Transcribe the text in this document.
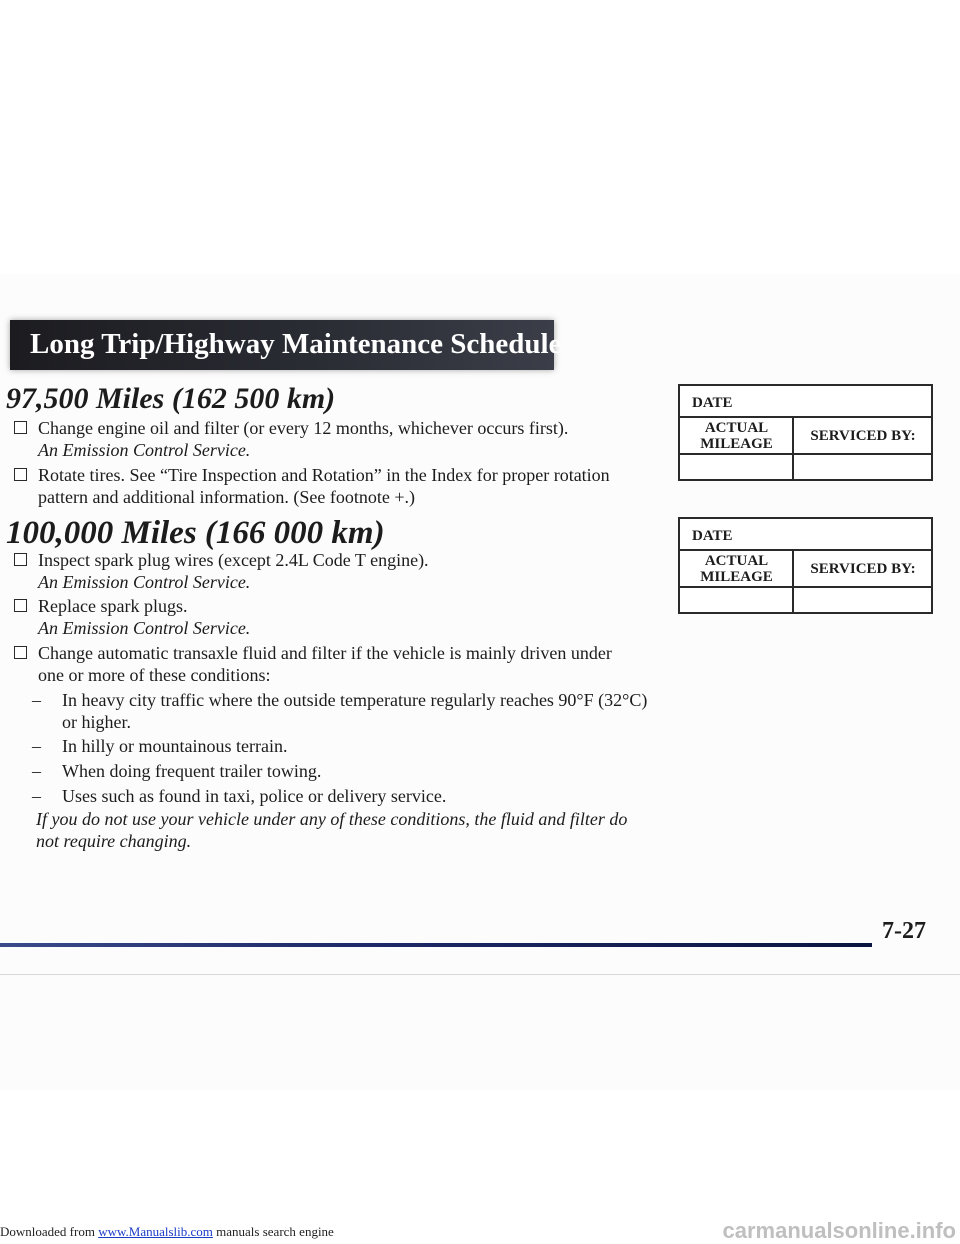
Long Trip/Highway Maintenance Schedule
97,500 Miles (162 500 km)
Change engine oil and filter (or every 12 months, whichever occurs first).
An Emission Control Service.
Rotate tires. See “Tire Inspection and Rotation” in the Index for proper rotation pattern and additional information. (See footnote +.)
100,000 Miles (166 000 km)
Inspect spark plug wires (except 2.4L Code T engine).
An Emission Control Service.
Replace spark plugs.
An Emission Control Service.
Change automatic transaxle fluid and filter if the vehicle is mainly driven under one or more of these conditions:
– In heavy city traffic where the outside temperature regularly reaches 90°F (32°C) or higher.
– In hilly or mountainous terrain.
– When doing frequent trailer towing.
– Uses such as found in taxi, police or delivery service.
If you do not use your vehicle under any of these conditions, the fluid and filter do not require changing.
DATE
ACTUAL MILEAGE	SERVICED BY:
DATE
ACTUAL MILEAGE	SERVICED BY:
7-27
Downloaded from www.Manualslib.com manuals search engine	carmanualsonline.info
